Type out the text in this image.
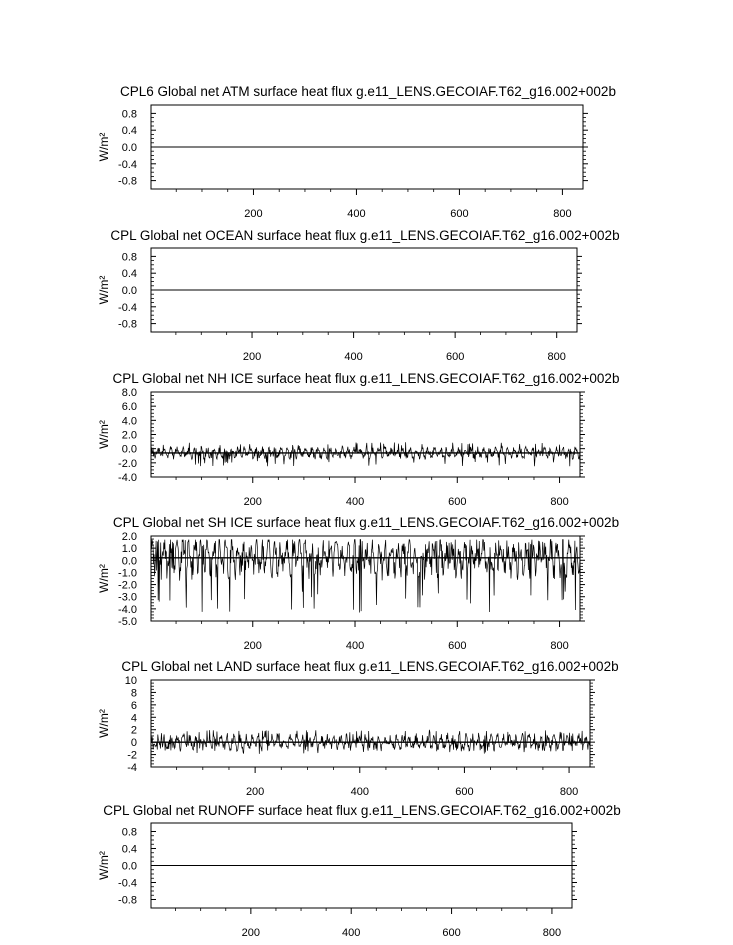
CPL6 Global net ATM surface heat flux g.e11_LENS.GECOIAF.T62_g16.002+002b
W/m²
0.8
0.4
0.0
-0.4
-0.8
200	400	600	800
CPL Global net OCEAN surface heat flux g.e11_LENS.GECOIAF.T62_g16.002+002b
W/m²
0.8
0.4
0.0
-0.4
-0.8
200	400	600	800
CPL Global net NH ICE surface heat flux g.e11_LENS.GECOIAF.T62_g16.002+002b
W/m²
8.0
6.0
4.0
2.0
0.0
-2.0
-4.0
200	400	600	800
CPL Global net SH ICE surface heat flux g.e11_LENS.GECOIAF.T62_g16.002+002b
W/m²
2.0
1.0
0.0
-1.0
-2.0
-3.0
-4.0
-5.0
200	400	600	800
CPL Global net LAND surface heat flux g.e11_LENS.GECOIAF.T62_g16.002+002b
W/m²
10
8
6
4
2
0
-2
-4
200	400	600	800
CPL Global net RUNOFF surface heat flux g.e11_LENS.GECOIAF.T62_g16.002+002b
W/m²
0.8
0.4
0.0
-0.4
-0.8
200	400	600	800
